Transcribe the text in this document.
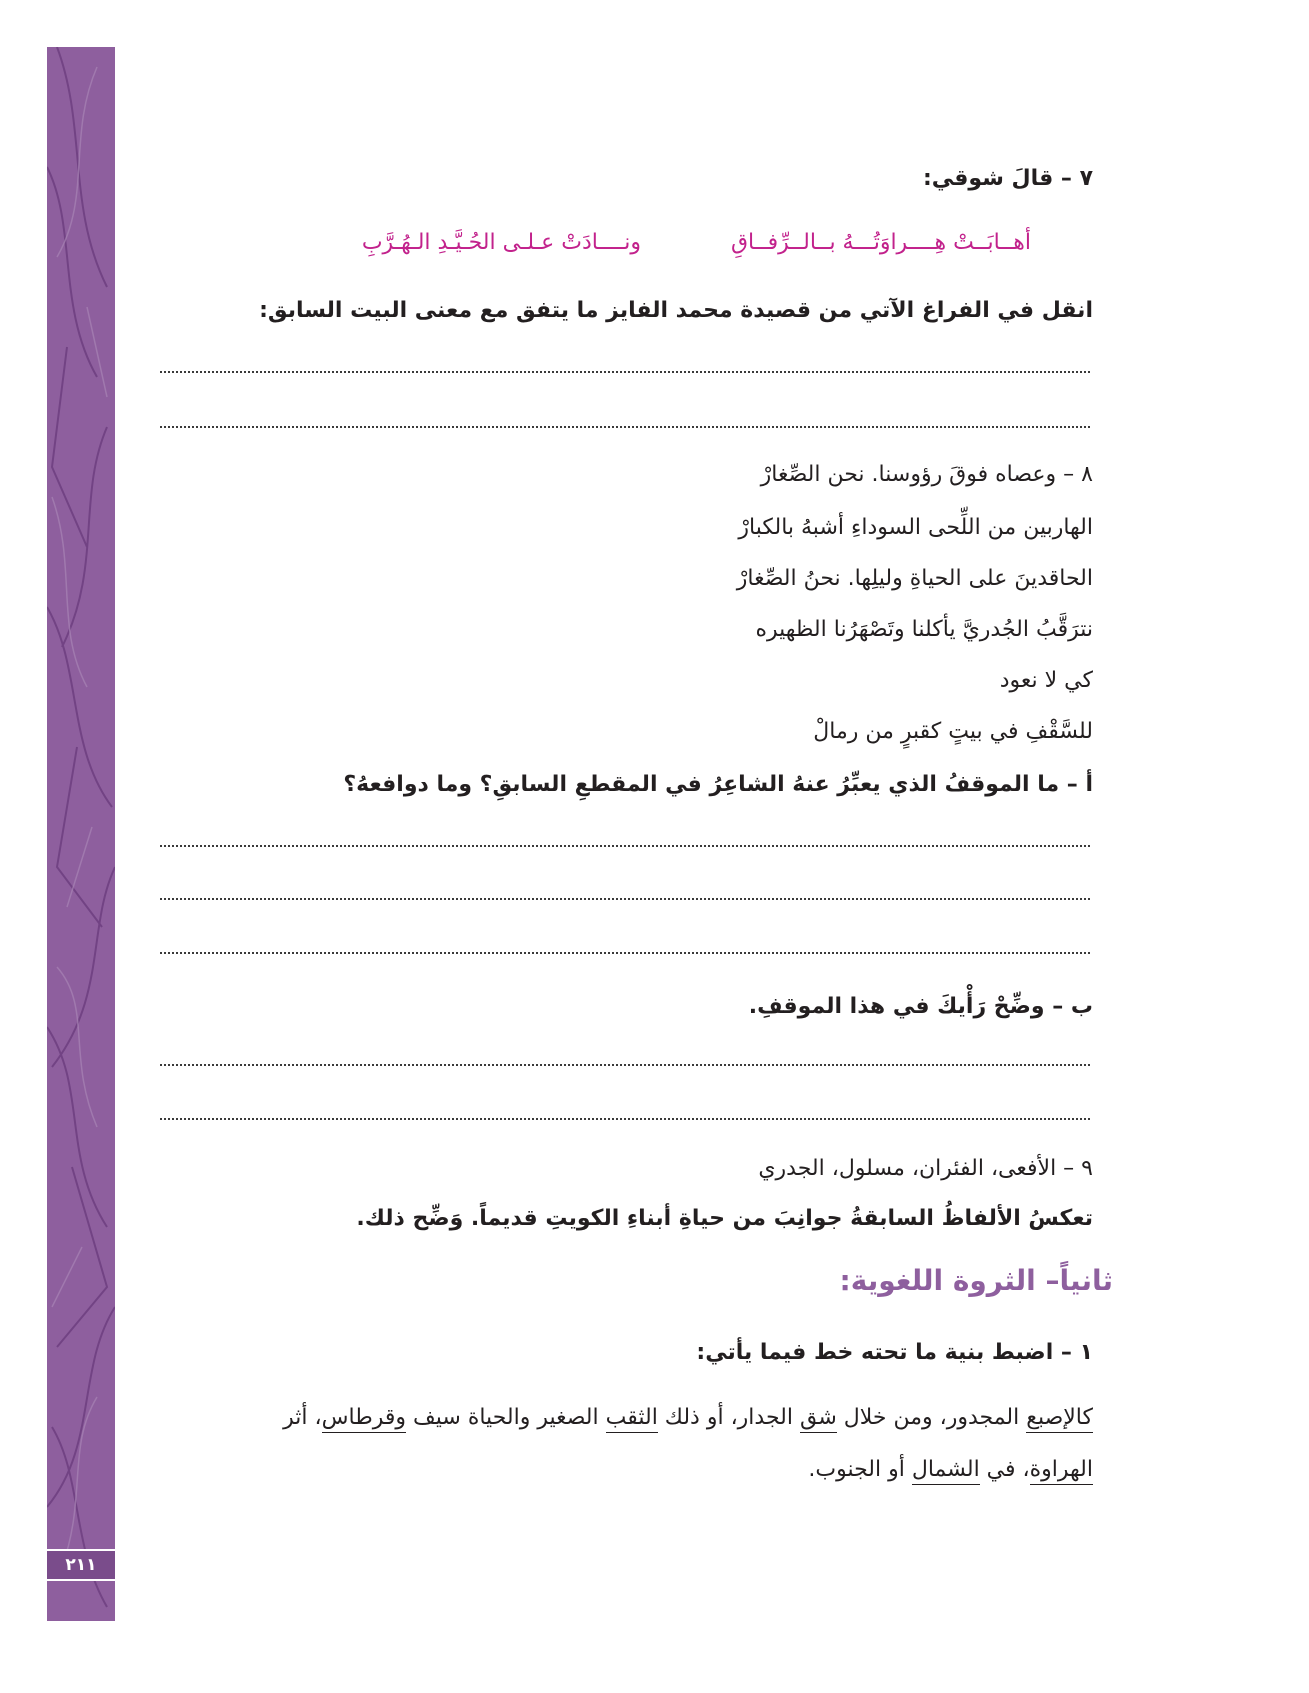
٢١١
٧ – قالَ شوقي:
أهــابَــتْ هِــــراوَتُـــهُ بــالــرِّفــاقِ
ونــــادَتْ عـلـى الحُـيَّـدِ الـهُـرَّبِ
انقل في الفراغ الآتي من قصيدة محمد الفايز ما يتفق مع معنى البيت السابق:
٨ – وعصاه فوقَ رؤوسنا. نحن الصِّغارْ
الهاربين من اللِّحى السوداءِ أشبهُ بالكبارْ
الحاقدينَ على الحياةِ وليلِها. نحنُ الصِّغارْ
نترَقَّبُ الجُدريَّ يأكلنا وتَصْهَرُنا الظهيره
كي لا نعود
للسَّقْفِ في بيتٍ كقبرٍ من رمالْ
أ – ما الموقفُ الذي يعبِّرُ عنهُ الشاعِرُ في المقطعِ السابقِ؟ وما دوافعهُ؟
ب – وضِّحْ رَأْيكَ في هذا الموقفِ.
٩ – الأفعى، الفئران، مسلول، الجدري
تعكسُ الألفاظُ السابقةُ جوانِبَ من حياةِ أبناءِ الكويتِ قديماً. وَضِّح ذلك.
ثانياً– الثروة اللغوية:
١ – اضبط بنية ما تحته خط فيما يأتي:
كالإصبع المجدور، ومن خلال شق الجدار، أو ذلك الثقب الصغير والحياة سيف وقرطاس، أثر
الهراوة، في الشمال أو الجنوب.
